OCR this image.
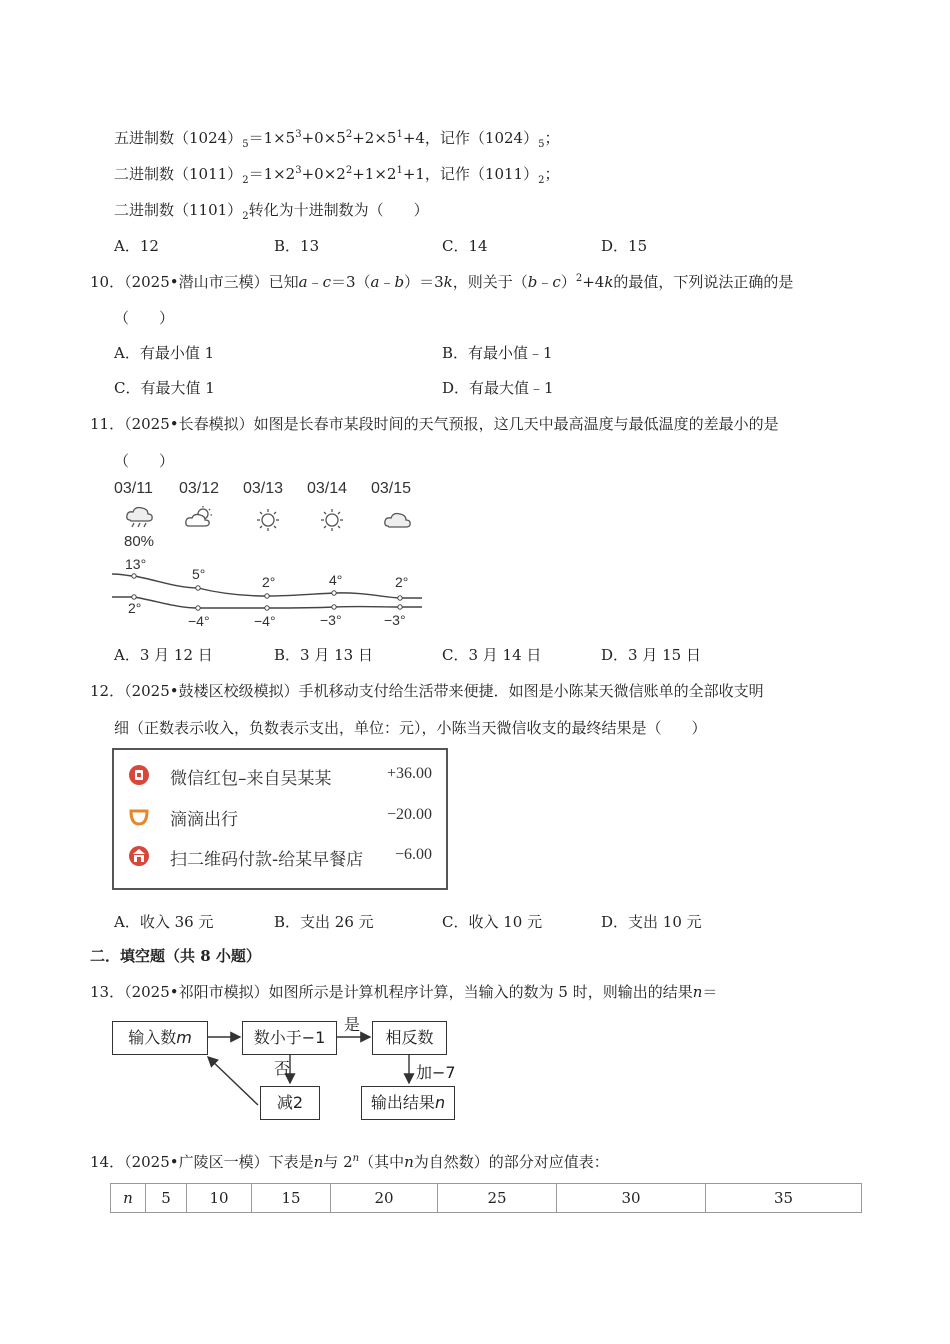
五进制数$(1024)_5=1\times 5^3+0\times 5^2+2\times 5^1+4$，记作$(1024)_5$；
二进制数$(1011)_2=1\times 2^3+0\times 2^2+1\times 2^1+1$，记作$(1011)_2$；
二进制数$(1101)_2$转化为十进制数为（　　）
A．12	B．13	C．14	D．15
10．（2025•潜山市三模）已知a﹣c＝3（a﹣b）＝3k，则关于（b﹣c）$^2$+4k的最值，下列说法正确的是
（　　）
A．有最小值 1	B．有最小值﹣1
C．有最大值 1	D．有最大值﹣1
11．（2025•长春模拟）如图是长春市某段时间的天气预报，这几天中最高温度与最低温度的差最小的是
（　　）
03/11 03/12 03/13 03/14 03/15
80%
13°
5°	2°	4°	2°
2°
−4°	−4°	−3°	−3°
A．3 月 12 日	B．3 月 13 日	C．3 月 14 日	D．3 月 15 日
12．（2025•鼓楼区校级模拟）手机移动支付给生活带来便捷．如图是小陈某天微信账单的全部收支明
细（正数表示收入，负数表示支出，单位：元），小陈当天微信收支的最终结果是（　　）
微信红包–来自吴某某	+36.00
滴滴出行	−20.00
扫二维码付款-给某早餐店 −6.00
A．收入 36 元	B．支出 26 元	C．收入 10 元	D．支出 10 元
二．填空题（共 8 小题）
13．（2025•祁阳市模拟）如图所示是计算机程序计算，当输入的数为 5 时，则输出的结果n＝
输入数m	数小于−1	相反数
减2	输出结果n
是
否	加−7
14．（2025•广陵区一模）下表是n与 2$^n$（其中n为自然数）的部分对应值表：
n	5	10	15	20	25	30	35
